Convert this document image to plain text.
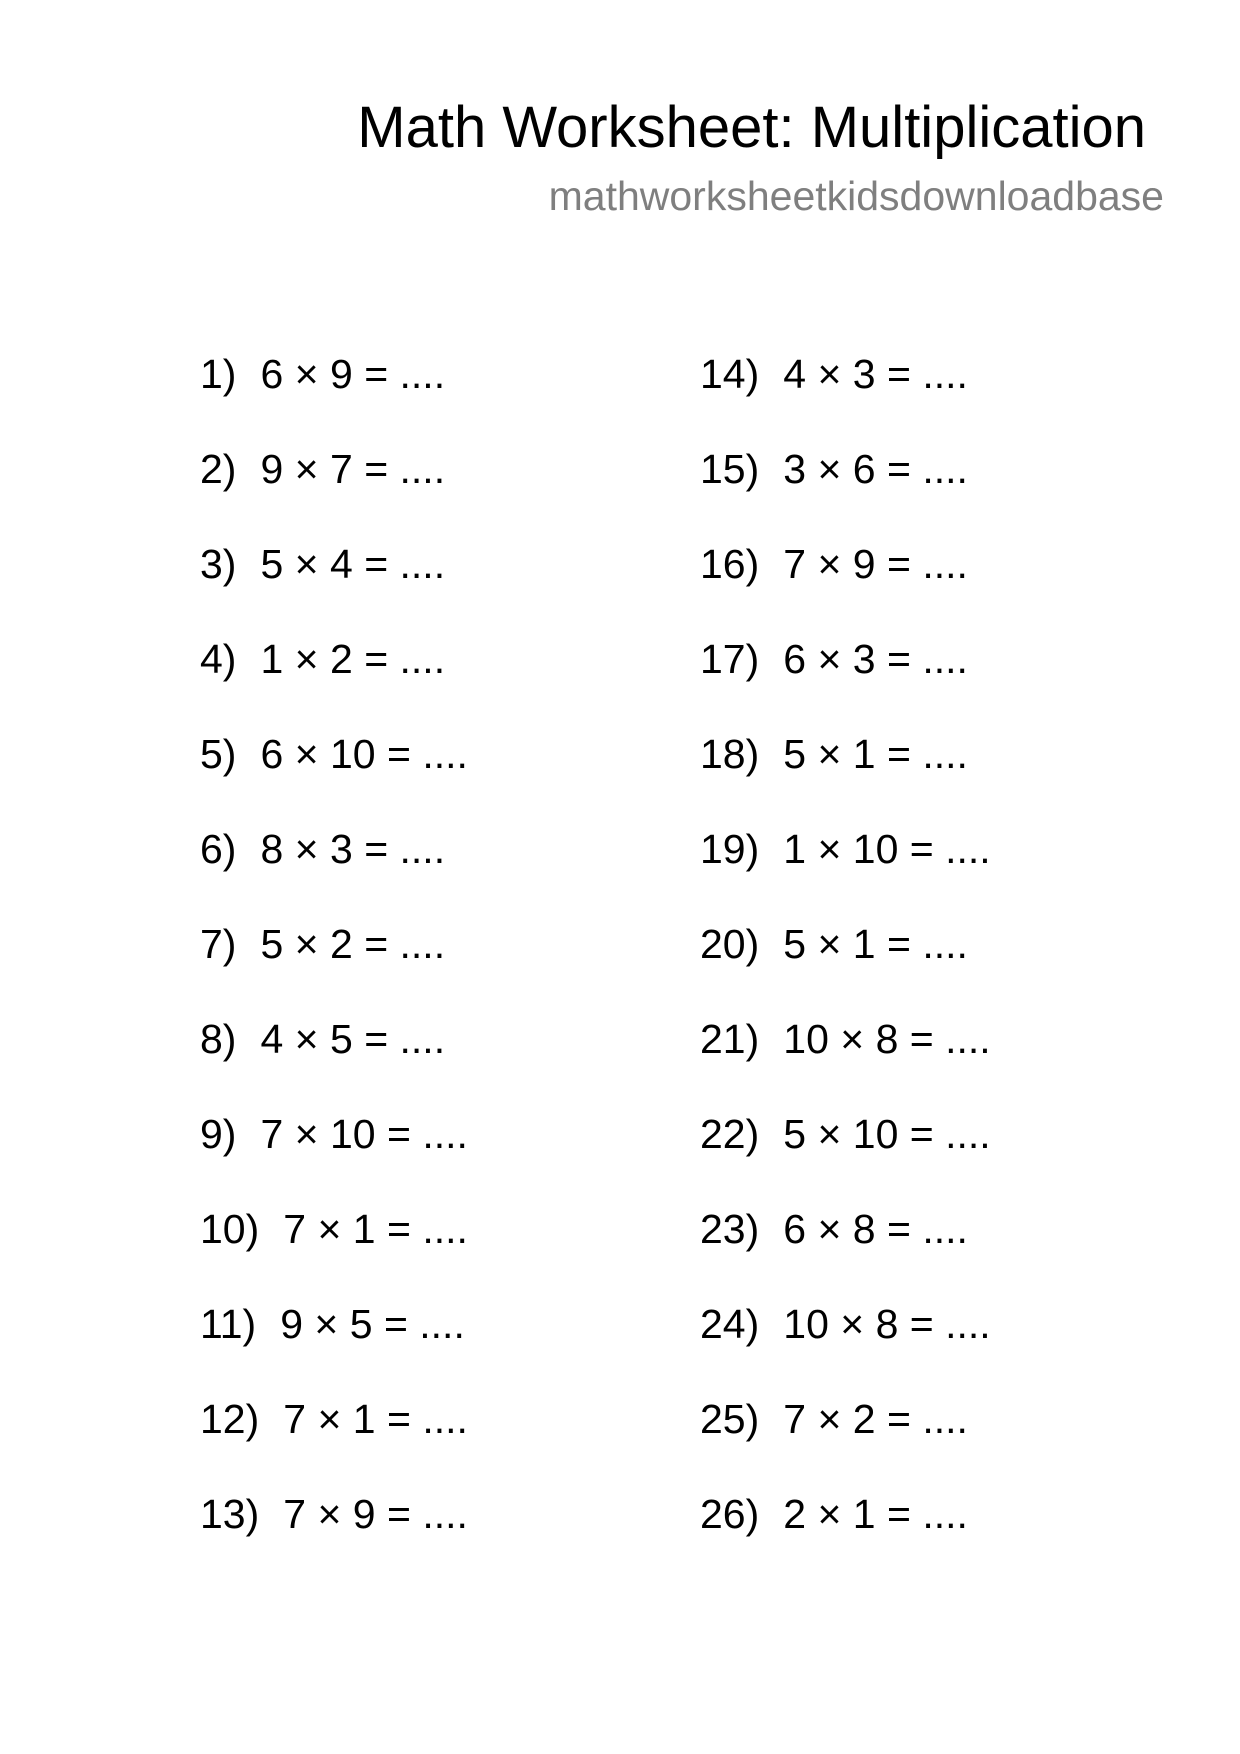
Math Worksheet: Multiplication
mathworksheetkidsdownloadbase
1) 6 × 9 = ....
2) 9 × 7 = ....
3) 5 × 4 = ....
4) 1 × 2 = ....
5) 6 × 10 = ....
6) 8 × 3 = ....
7) 5 × 2 = ....
8) 4 × 5 = ....
9) 7 × 10 = ....
10) 7 × 1 = ....
11) 9 × 5 = ....
12) 7 × 1 = ....
13) 7 × 9 = ....
14) 4 × 3 = ....
15) 3 × 6 = ....
16) 7 × 9 = ....
17) 6 × 3 = ....
18) 5 × 1 = ....
19) 1 × 10 = ....
20) 5 × 1 = ....
21) 10 × 8 = ....
22) 5 × 10 = ....
23) 6 × 8 = ....
24) 10 × 8 = ....
25) 7 × 2 = ....
26) 2 × 1 = ....
